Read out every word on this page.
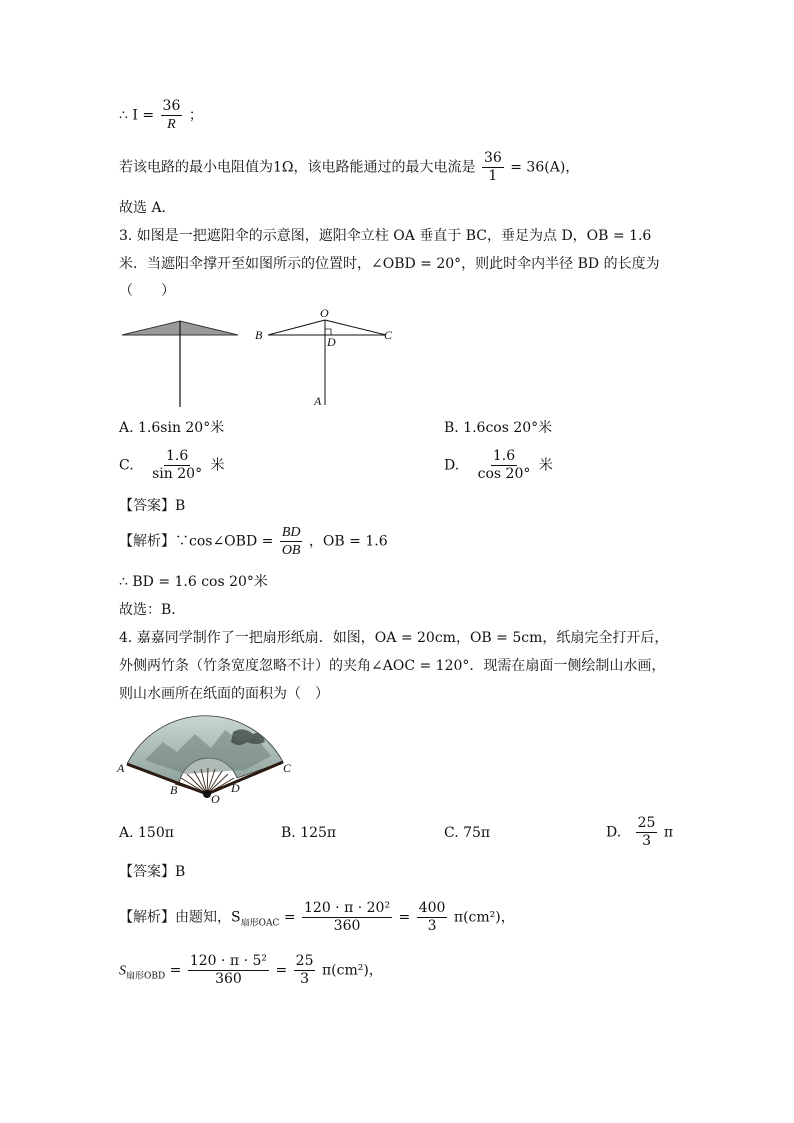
∴ $I = \frac{36}{R}$ ；
若该电路的最小电阻值为1Ω，该电路能通过的最大电流是 $\frac{36}{1} = 36(A)$，
故选 A．
3. 如图是一把遮阳伞的示意图，遮阳伞立柱 OA 垂直于 BC，垂足为点 D，OB = 1.6
米．当遮阳伞撑开至如图所示的位置时，∠OBD = 20°，则此时伞内半径 BD 的长度为
（　　）
B
O
C
D
A
A. 1.6sin 20°米	B. 1.6cos 20°米
C. $\frac{1.6}{\sin 20^\circ}$ 米	D. $\frac{1.6}{\cos 20^\circ}$ 米
【答案】B
【解析】∵cos∠OBD = $\frac{BD}{OB}$ ，OB = 1.6
∴ BD = 1.6 cos 20°米
故选：B．
4. 嘉嘉同学制作了一把扇形纸扇．如图，OA = 20cm，OB = 5cm，纸扇完全打开后，
外侧两竹条（竹条宽度忽略不计）的夹角∠AOC = 120°．现需在扇面一侧绘制山水画，
则山水画所在纸面的面积为（　）
A
B
O
D
C
A. 150π	B. 125π	C. 75π	D. $\frac{25}{3}$ π
【答案】B
【解析】由题知，$S_{扇形OAC} = \frac{\text{120 · π · 20²}}{360} = \frac{400}{3} \pi(cm^2)$，
$S_{扇形OBD} = \frac{\text{120 · π · 5²}}{360} = \frac{25}{3} \pi(cm^2)$，
